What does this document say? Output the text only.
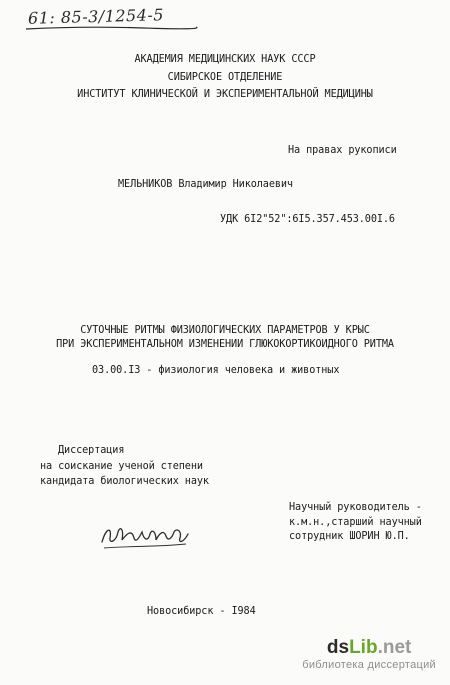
61: 85-3/1254-5
АКАДЕМИЯ МЕДИЦИНСКИХ НАУК СССР
СИБИРСКОЕ ОТДЕЛЕНИЕ
ИНСТИТУТ КЛИНИЧЕСКОЙ И ЭКСПЕРИМЕНТАЛЬНОЙ МЕДИЦИНЫ
На правах рукописи
МЕЛЬНИКОВ Владимир Николаевич
УДК 6I2"52":6I5.357.453.00I.6
СУТОЧНЫЕ РИТМЫ ФИЗИОЛОГИЧЕСКИХ ПАРАМЕТРОВ У КРЫС
ПРИ ЭКСПЕРИМЕНТАЛЬНОМ ИЗМЕНЕНИИ ГЛЮКОКОРТИКОИДНОГО РИТМА
03.00.I3 - физиология человека и животных
Диссертация
на соискание ученой степени
кандидата биологических наук
Научный руководитель -
к.м.н.,старший научный
сотрудник ШОРИН Ю.П.
Новосибирск - I984
dsLib.net
библиотека диссертаций
